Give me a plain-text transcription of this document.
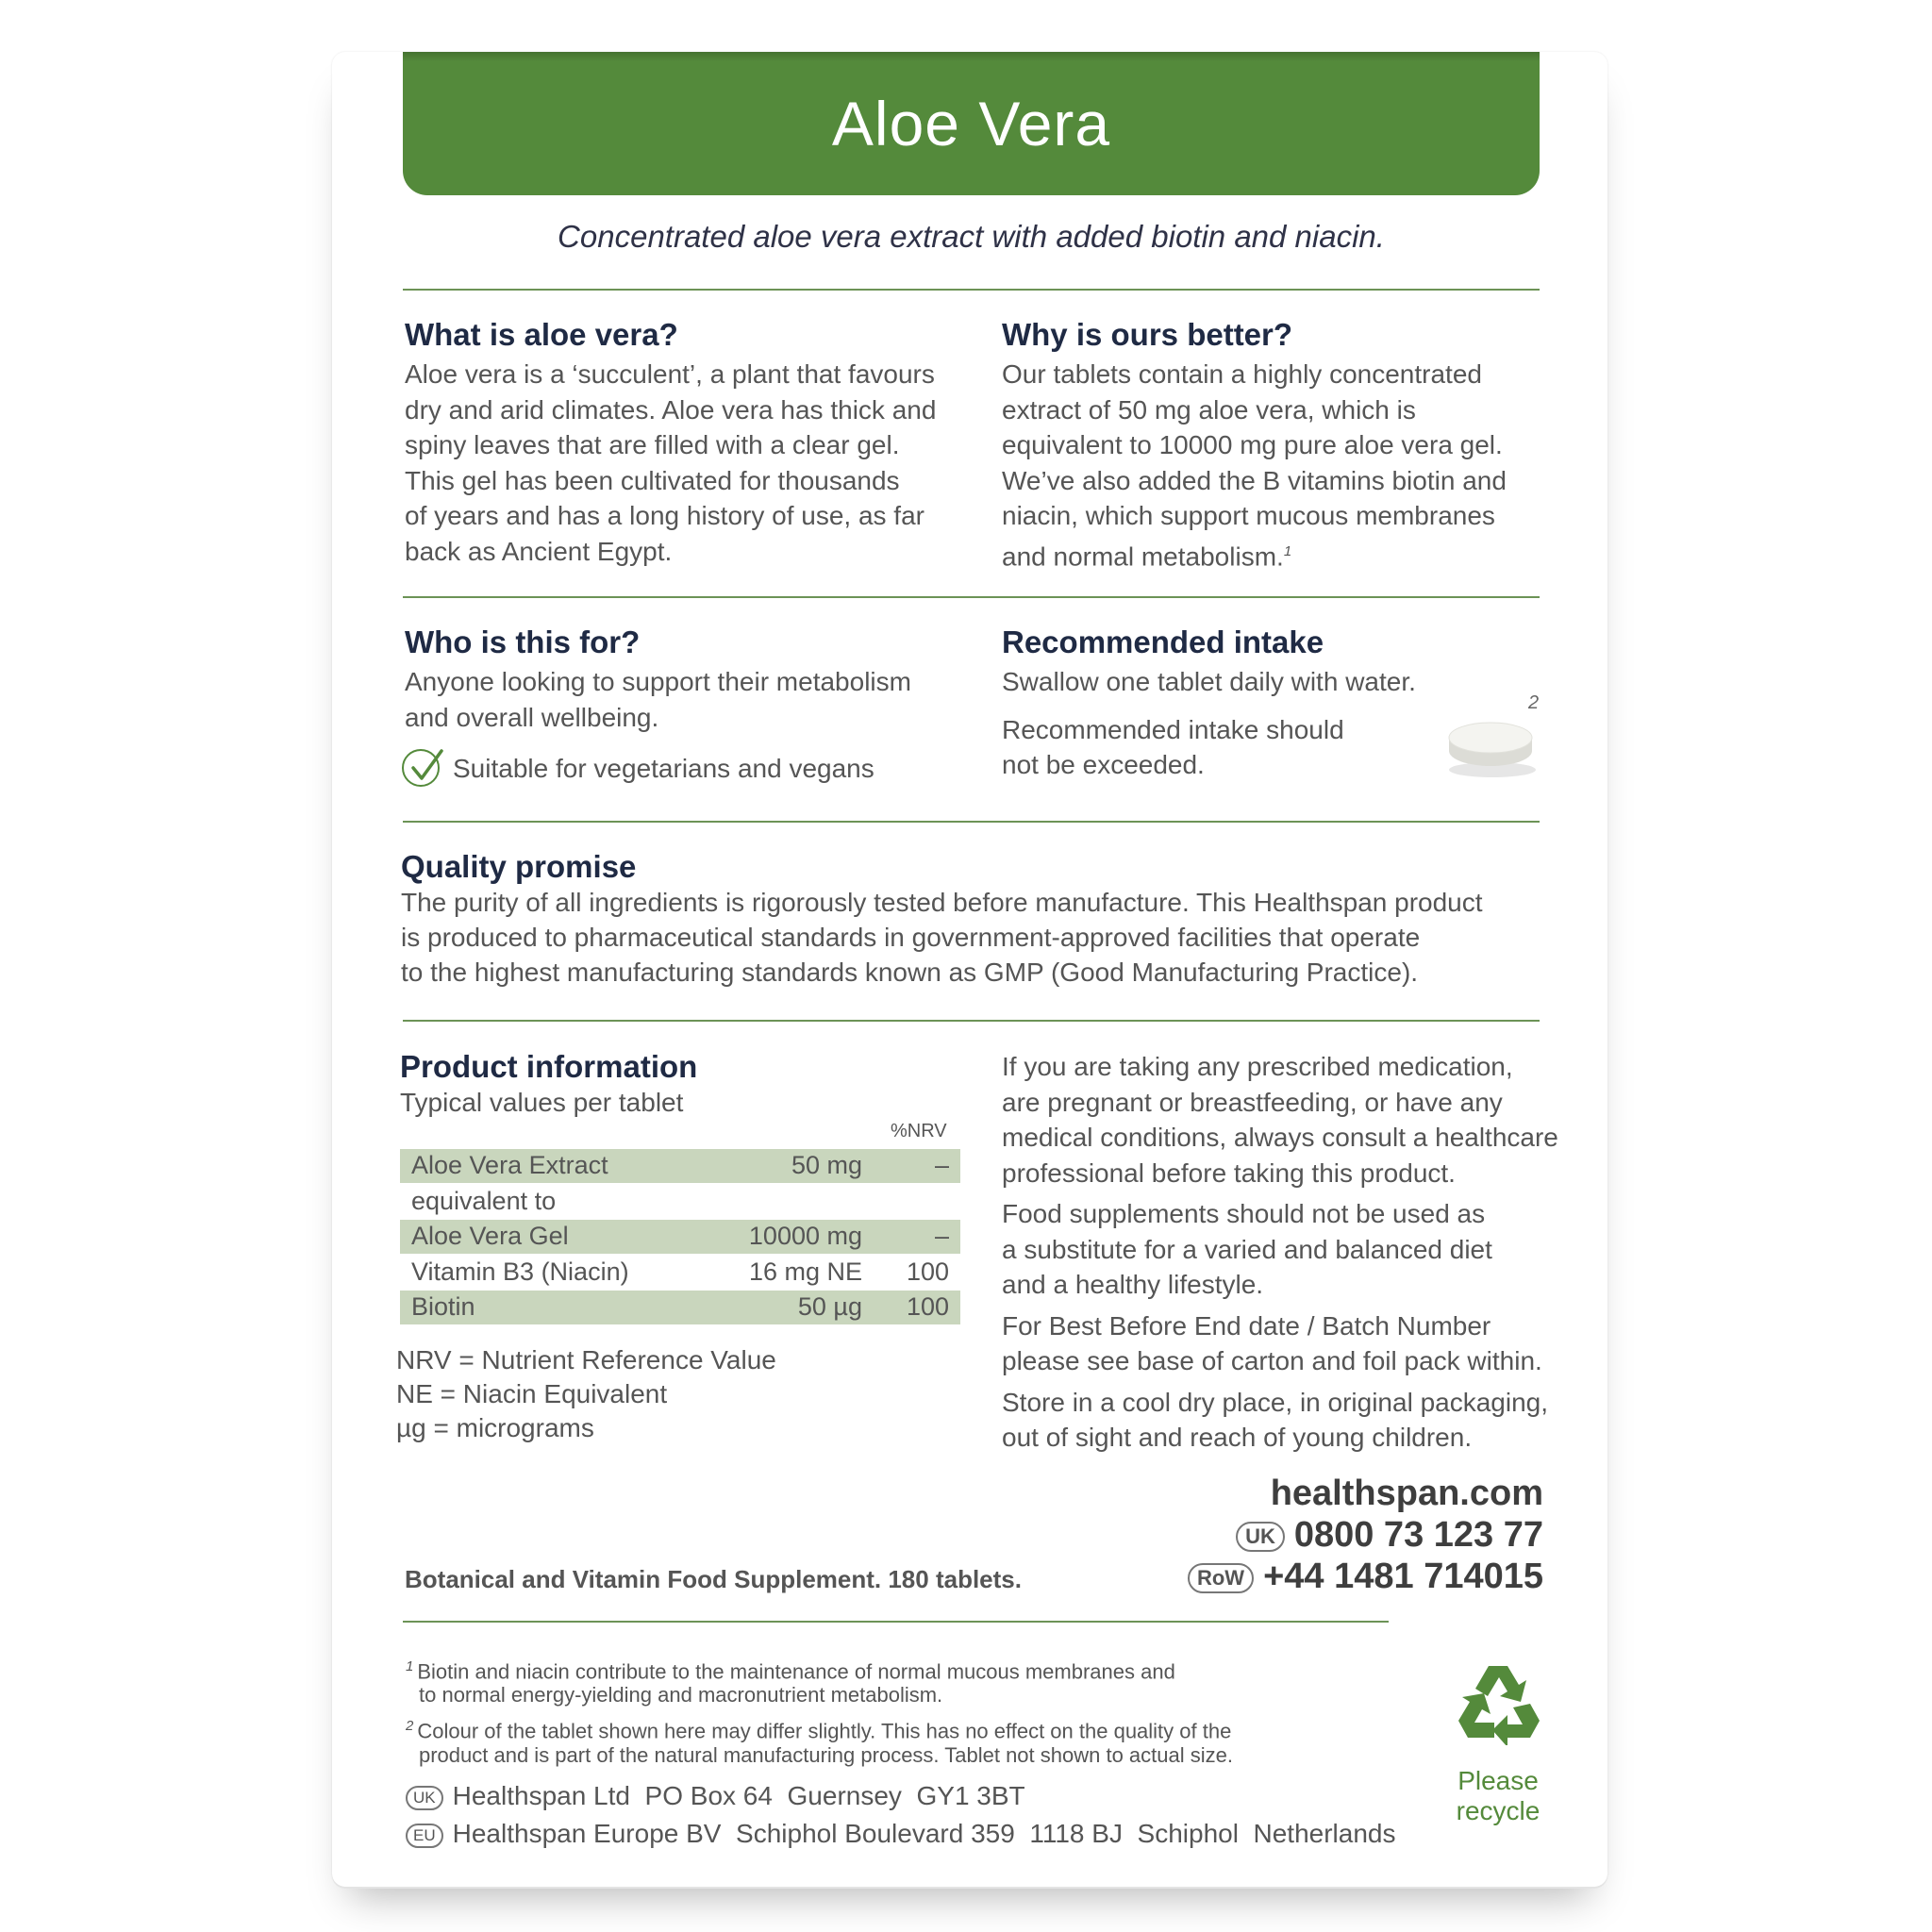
Aloe Vera
Concentrated aloe vera extract with added biotin and niacin.
What is aloe vera?
Aloe vera is a ‘succulent’, a plant that favours
dry and arid climates. Aloe vera has thick and
spiny leaves that are filled with a clear gel.
This gel has been cultivated for thousands
of years and has a long history of use, as far
back as Ancient Egypt.
Why is ours better?
Our tablets contain a highly concentrated
extract of 50 mg aloe vera, which is
equivalent to 10000 mg pure aloe vera gel.
We’ve also added the B vitamins biotin and
niacin, which support mucous membranes
and normal metabolism.$^1$
Who is this for?
Anyone looking to support their metabolism
and overall wellbeing.
Suitable for vegetarians and vegans
Recommended intake
Swallow one tablet daily with water.
Recommended intake should
not be exceeded.
2
Quality promise
The purity of all ingredients is rigorously tested before manufacture. This Healthspan product
is produced to pharmaceutical standards in government-approved facilities that operate
to the highest manufacturing standards known as GMP (Good Manufacturing Practice).
Product information
Typical values per tablet
%NRV
Aloe Vera Extract	50 mg	–
equivalent to
Aloe Vera Gel	10000 mg	–
Vitamin B3 (Niacin)	16 mg NE 100
Biotin	50 µg 100
NRV = Nutrient Reference Value
NE = Niacin Equivalent
µg = micrograms
If you are taking any prescribed medication,
are pregnant or breastfeeding, or have any
medical conditions, always consult a healthcare
professional before taking this product.
Food supplements should not be used as
a substitute for a varied and balanced diet
and a healthy lifestyle.
For Best Before End date / Batch Number
please see base of carton and foil pack within.
Store in a cool dry place, in original packaging,
out of sight and reach of young children.
healthspan.com
UK 0800 73 123 77
RoW +44 1481 714015
Botanical and Vitamin Food Supplement. 180 tablets.
$^1$ Biotin and niacin contribute to the maintenance of normal mucous membranes and
to normal energy-yielding and macronutrient metabolism.
$^2$ Colour of the tablet shown here may differ slightly. This has no effect on the quality of the
product and is part of the natural manufacturing process. Tablet not shown to actual size.
UK Healthspan Ltd PO Box 64 Guernsey GY1 3BT
EU Healthspan Europe BV Schiphol Boulevard 359 1118 BJ Schiphol Netherlands
Please
recycle
